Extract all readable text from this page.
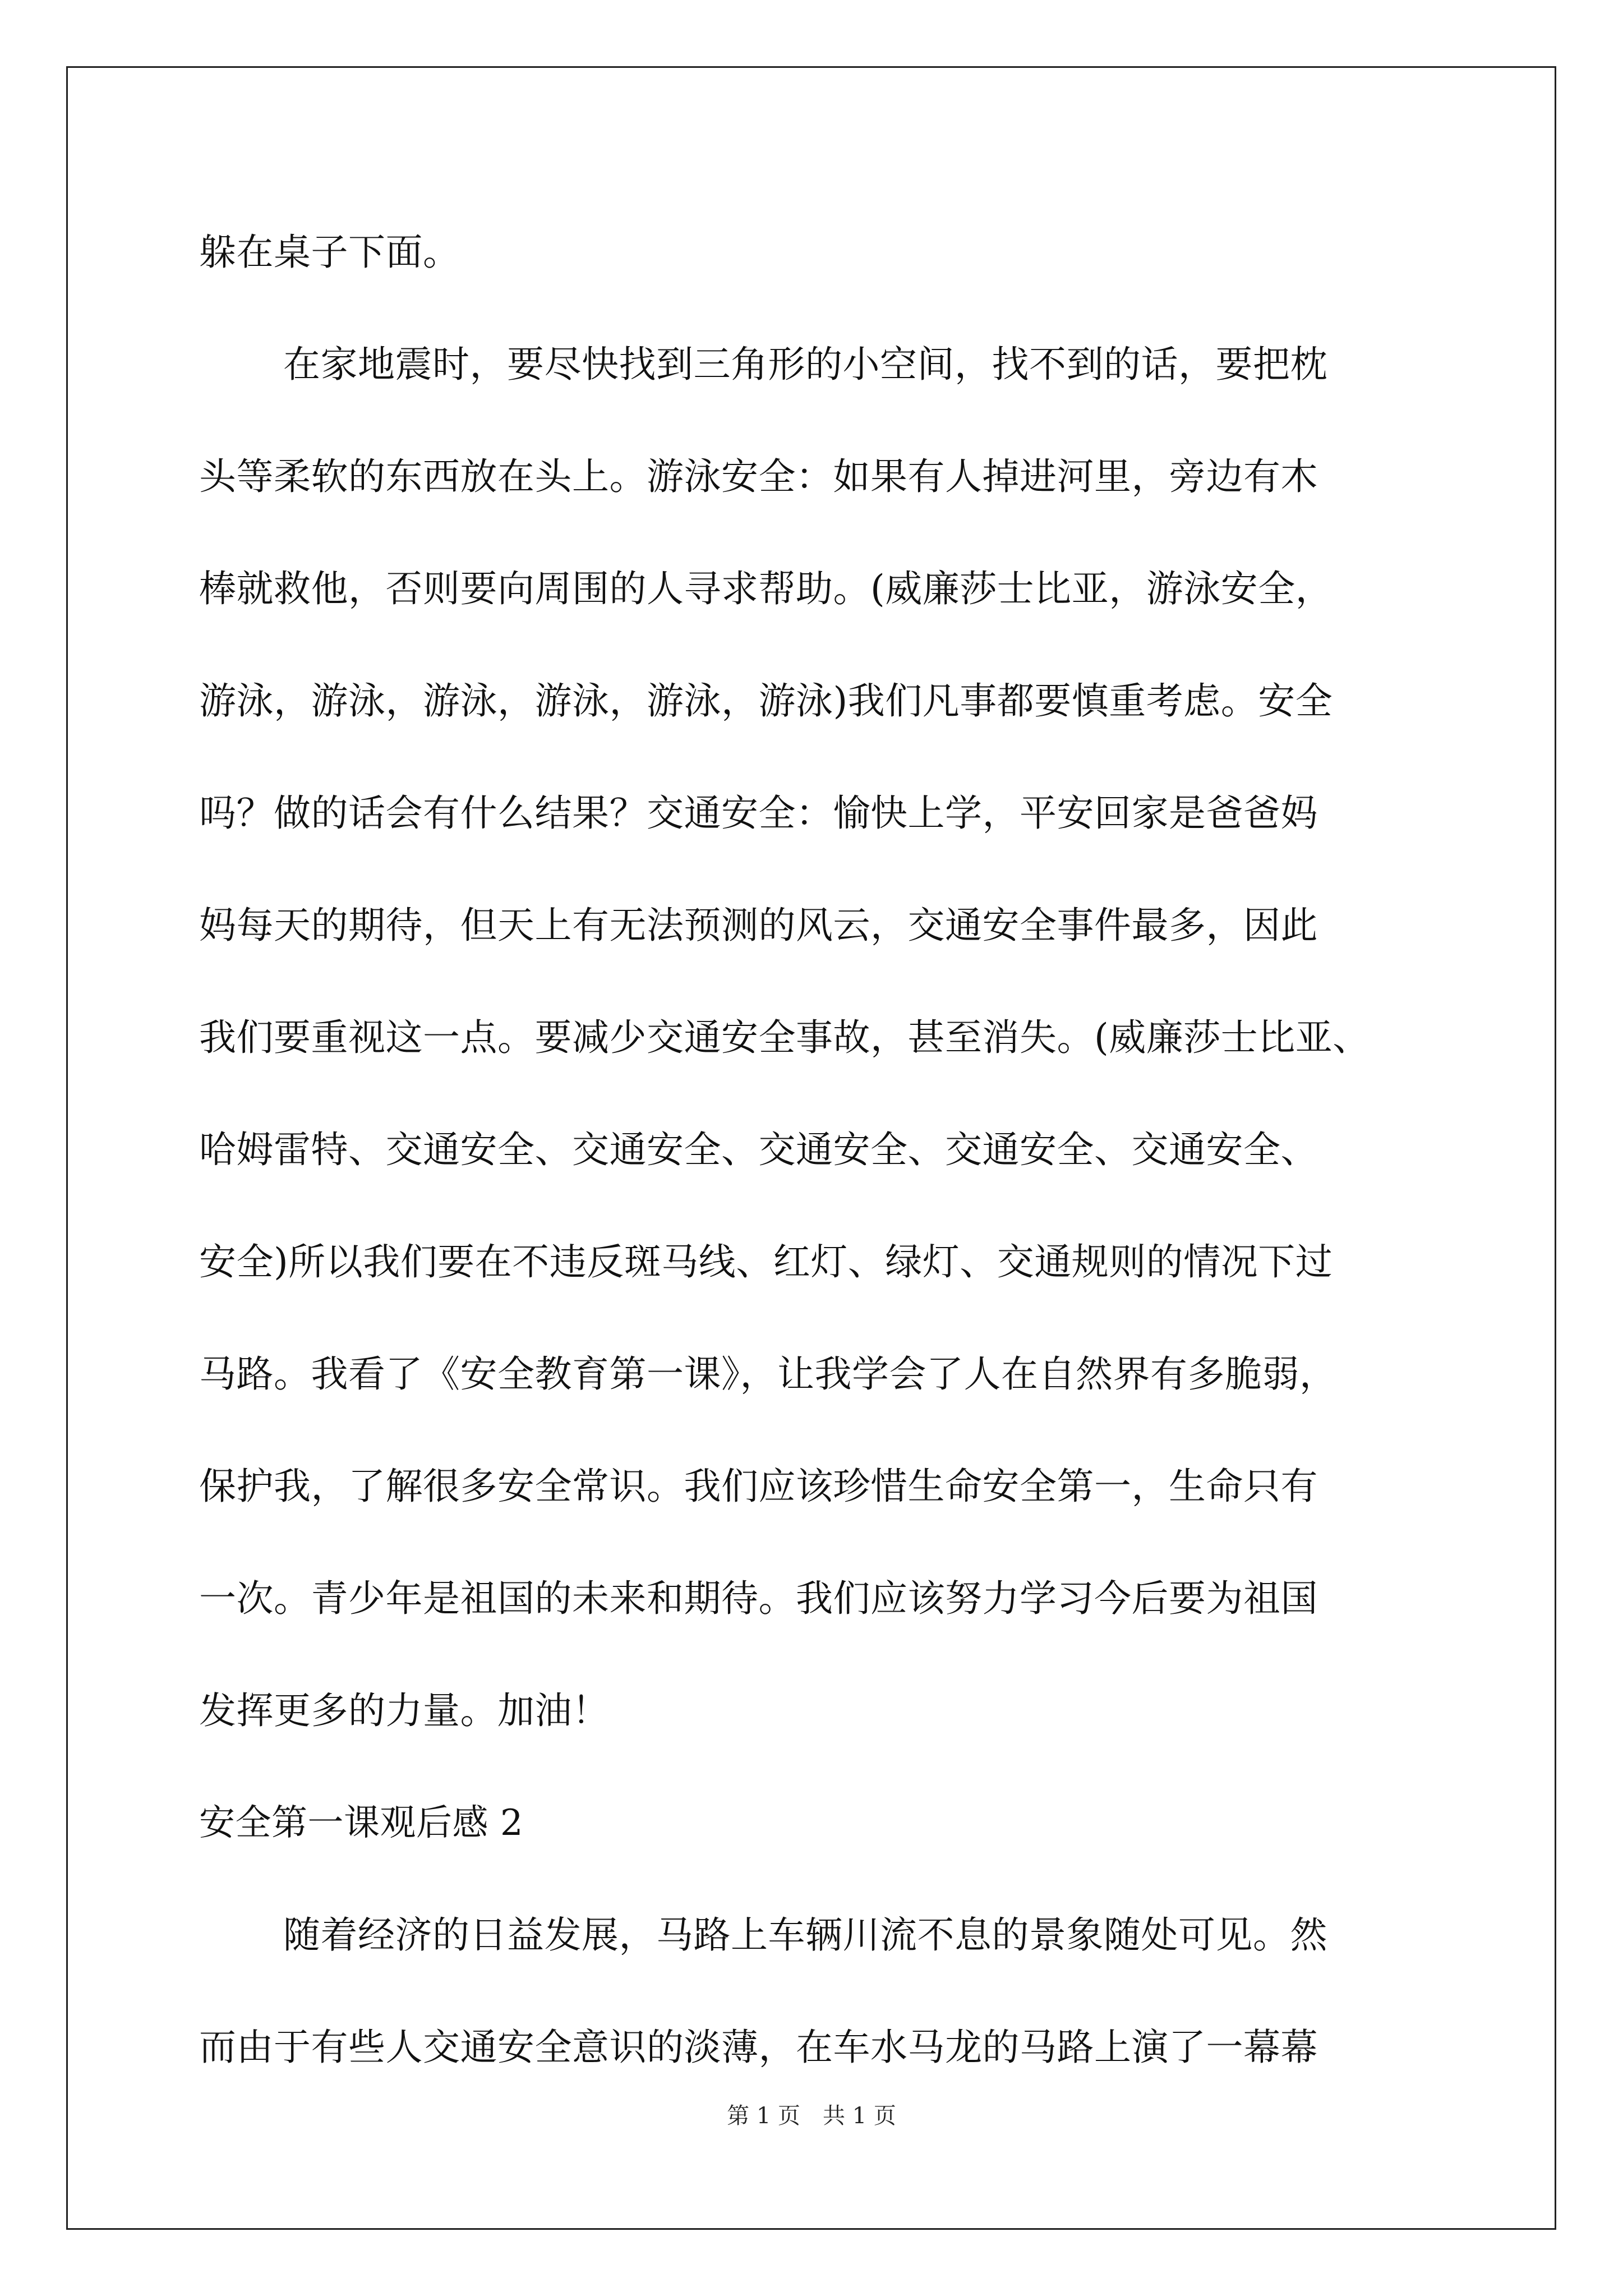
躲在桌子下面。
在家地震时，要尽快找到三角形的小空间，找不到的话，要把枕
头等柔软的东西放在头上。游泳安全：如果有人掉进河里，旁边有木
棒就救他，否则要向周围的人寻求帮助。(威廉莎士比亚，游泳安全，
游泳，游泳，游泳，游泳，游泳，游泳)我们凡事都要慎重考虑。安全
吗？做的话会有什么结果？交通安全：愉快上学，平安回家是爸爸妈
妈每天的期待，但天上有无法预测的风云，交通安全事件最多，因此
我们要重视这一点。要减少交通安全事故，甚至消失。(威廉莎士比亚、
哈姆雷特、交通安全、交通安全、交通安全、交通安全、交通安全、
安全)所以我们要在不违反斑马线、红灯、绿灯、交通规则的情况下过
马路。我看了《安全教育第一课》，让我学会了人在自然界有多脆弱，
保护我，了解很多安全常识。我们应该珍惜生命安全第一，生命只有
一次。青少年是祖国的未来和期待。我们应该努力学习今后要为祖国
发挥更多的力量。加油！
安全第一课观后感 2
随着经济的日益发展，马路上车辆川流不息的景象随处可见。然
而由于有些人交通安全意识的淡薄，在车水马龙的马路上演了一幕幕
第 1 页　共 1 页
